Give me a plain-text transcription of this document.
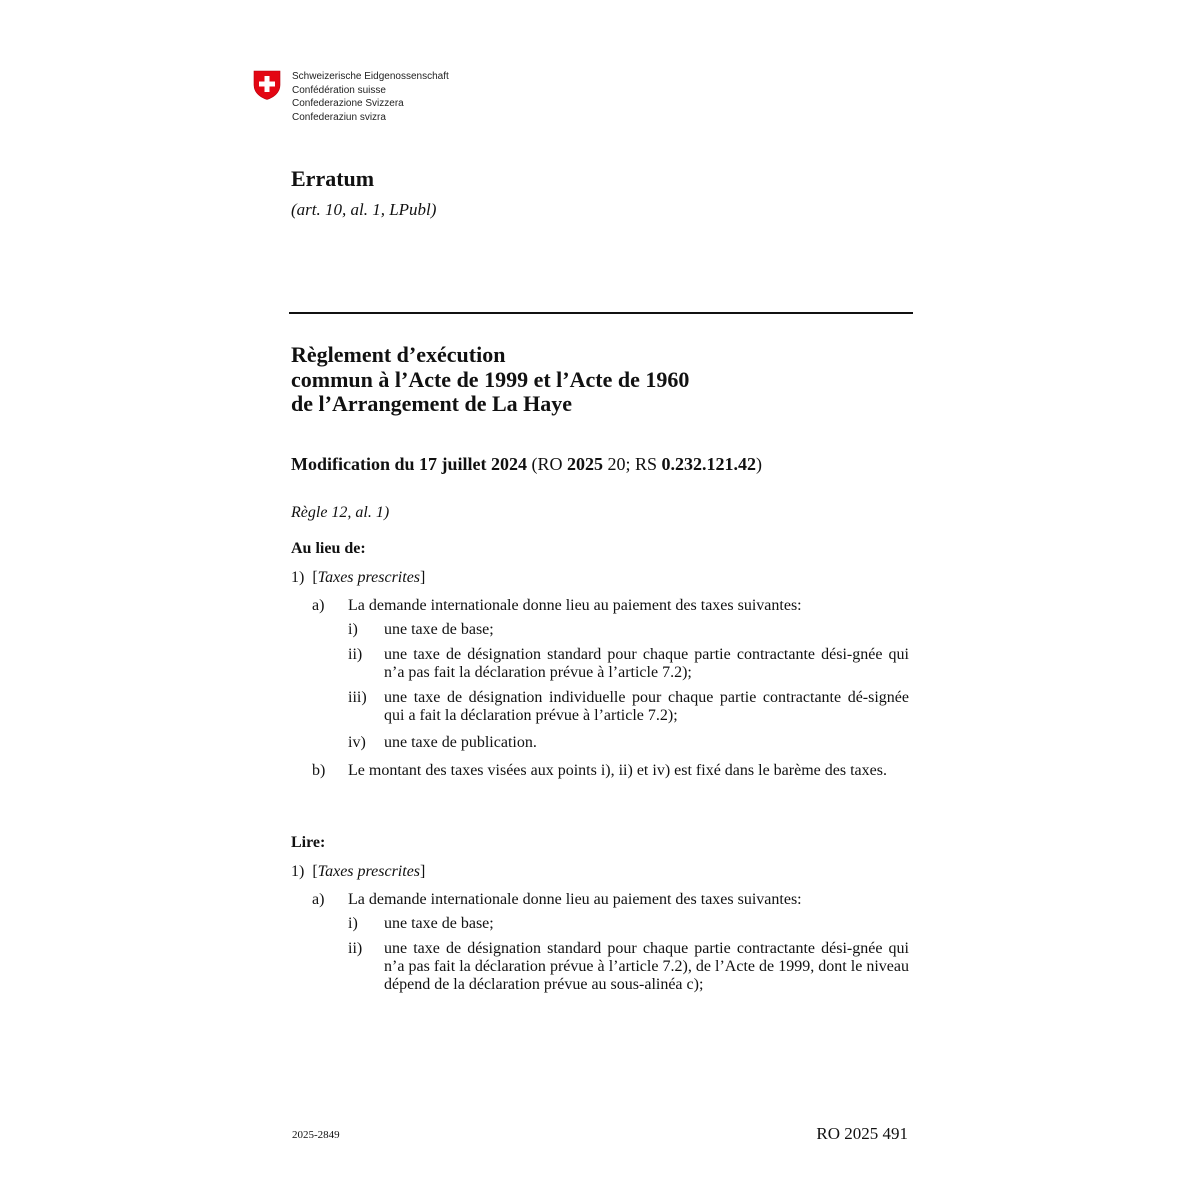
Schweizerische Eidgenossenschaft
Confédération suisse
Confederazione Svizzera
Confederaziun svizra
Erratum
(art. 10, al. 1, LPubl)
Règlement d’exécution
commun à l’Acte de 1999 et l’Acte de 1960
de l’Arrangement de La Haye
Modification du 17 juillet 2024 (RO 2025 20; RS 0.232.121.42)
Règle 12, al. 1)
Au lieu de:
1) [Taxes prescrites]
a) La demande internationale donne lieu au paiement des taxes suivantes:
i) une taxe de base;
ii) une taxe de désignation standard pour chaque partie contractante dési-gnée qui n’a pas fait la déclaration prévue à l’article 7.2);
iii) une taxe de désignation individuelle pour chaque partie contractante dé-signée qui a fait la déclaration prévue à l’article 7.2);
iv) une taxe de publication.
b) Le montant des taxes visées aux points i), ii) et iv) est fixé dans le barème des taxes.
Lire:
1) [Taxes prescrites]
a) La demande internationale donne lieu au paiement des taxes suivantes:
i) une taxe de base;
ii) une taxe de désignation standard pour chaque partie contractante dési-gnée qui n’a pas fait la déclaration prévue à l’article 7.2), de l’Acte de 1999, dont le niveau dépend de la déclaration prévue au sous-alinéa c);
2025-2849	RO 2025 491
